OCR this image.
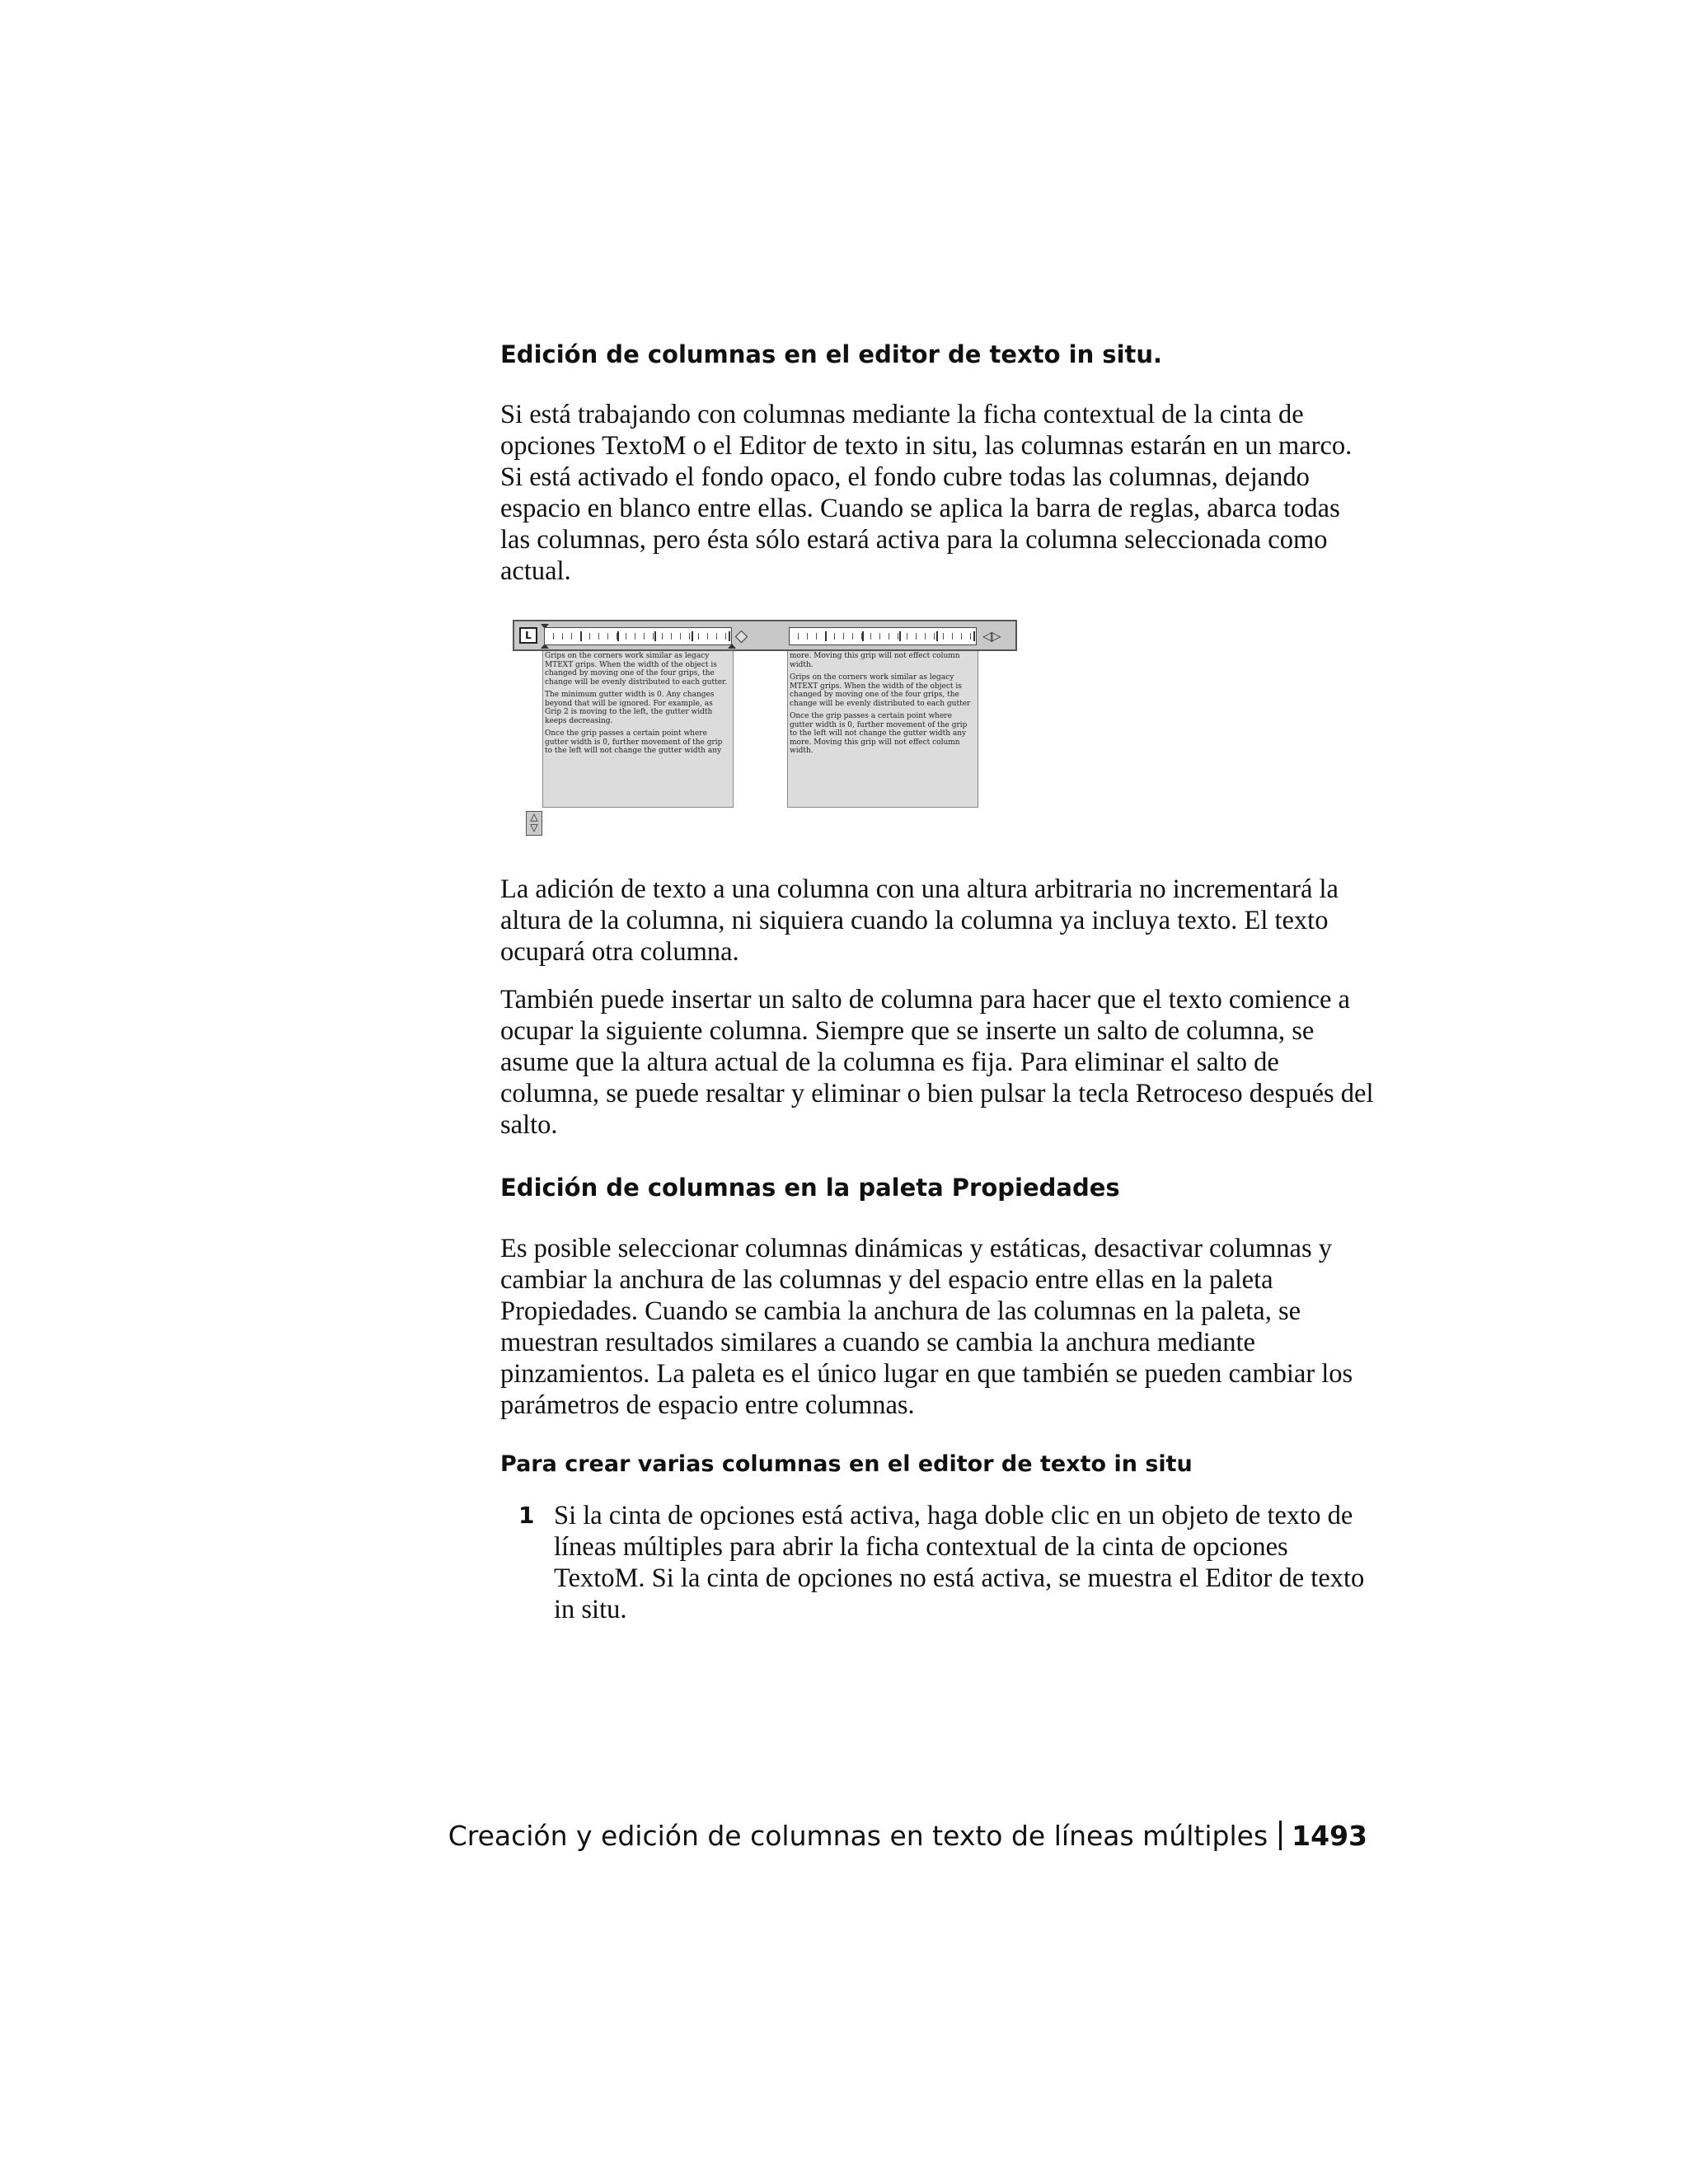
Edición de columnas en el editor de texto in situ.

Si está trabajando con columnas mediante la ficha contextual de la cinta de opciones TextoM o el Editor de texto in situ, las columnas estarán en un marco. Si está activado el fondo opaco, el fondo cubre todas las columnas, dejando espacio en blanco entre ellas. Cuando se aplica la barra de reglas, abarca todas las columnas, pero ésta sólo estará activa para la columna seleccionada como actual.

L	◁▷

Grips on the corners work similar as legacy MTEXT grips. When the width of the object is changed by moving one of the four grips, the change will be evenly distributed to each gutter.

The minimum gutter width is 0. Any changes beyond that will be ignored. For example, as Grip 2 is moving to the left, the gutter width keeps decreasing.

Once the grip passes a certain point where gutter width is 0, further movement of the grip to the left will not change the gutter width any

more. Moving this grip will not effect column width.

Grips on the corners work similar as legacy MTEXT grips. When the width of the object is changed by moving one of the four grips, the change will be evenly distributed to each gutter

Once the grip passes a certain point where gutter width is 0, further movement of the grip to the left will not change the gutter width any more. Moving this grip will not effect column width.

△
▽

La adición de texto a una columna con una altura arbitraria no incrementará la altura de la columna, ni siquiera cuando la columna ya incluya texto. El texto ocupará otra columna.

También puede insertar un salto de columna para hacer que el texto comience a ocupar la siguiente columna. Siempre que se inserte un salto de columna, se asume que la altura actual de la columna es fija. Para eliminar el salto de columna, se puede resaltar y eliminar o bien pulsar la tecla Retroceso después del salto.

Edición de columnas en la paleta Propiedades

Es posible seleccionar columnas dinámicas y estáticas, desactivar columnas y cambiar la anchura de las columnas y del espacio entre ellas en la paleta Propiedades. Cuando se cambia la anchura de las columnas en la paleta, se muestran resultados similares a cuando se cambia la anchura mediante pinzamientos. La paleta es el único lugar en que también se pueden cambiar los parámetros de espacio entre columnas.

Para crear varias columnas en el editor de texto in situ
1 Si la cinta de opciones está activa, haga doble clic en un objeto de texto de líneas múltiples para abrir la ficha contextual de la cinta de opciones TextoM. Si la cinta de opciones no está activa, se muestra el Editor de texto in situ.

Creación y edición de columnas en texto de líneas múltiples 1493
